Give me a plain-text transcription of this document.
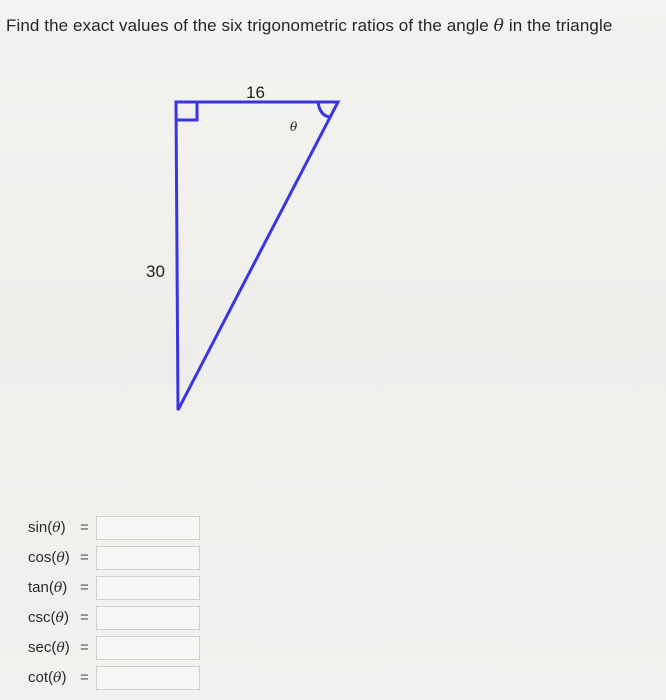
Find the exact values of the six trigonometric ratios of the angle θ in the triangle
16
30
θ
sin(θ) =
cos(θ) =
tan(θ) =
csc(θ) =
sec(θ) =
cot(θ) =
